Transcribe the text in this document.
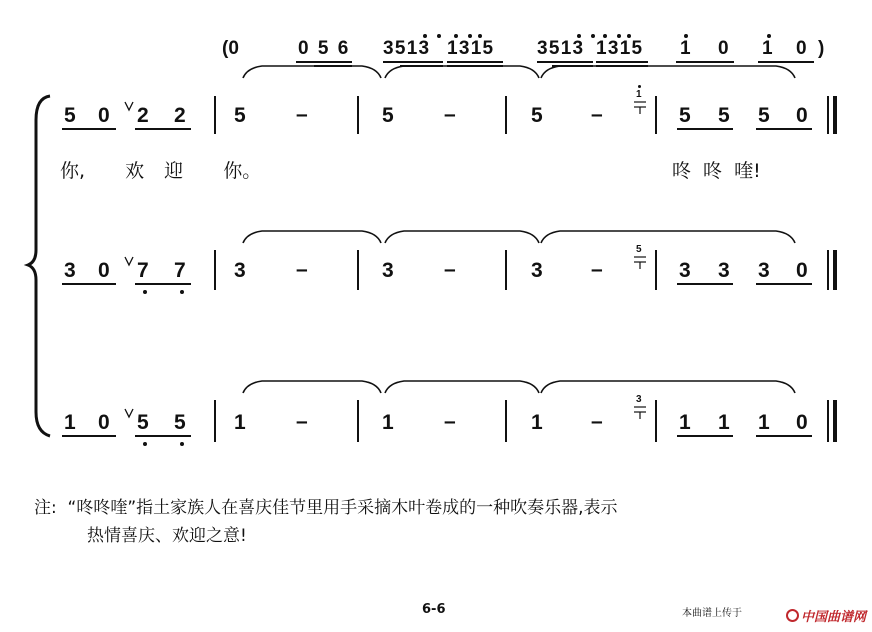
(0	0 5 6 3 5 1 3 1 3 1 5 3 5 1 3 1 3 1 5 1 0 1 0 )
5 0 2 2 5 –	5 –	5 –
1
5 5 5 0
你,  欢 迎  你。	咚 咚 喹!
3 0 7 7 3 –	3 –	3 –
5
3 3 3 0
1 0 5 5 1 –	1 –	1 –
3
1 1 1 0
注:  “咚咚喹”指土家族人在喜庆佳节里用手采摘木叶卷成的一种吹奏乐器,表示
热情喜庆、欢迎之意!
6-6	本曲谱上传于	中国曲谱网
